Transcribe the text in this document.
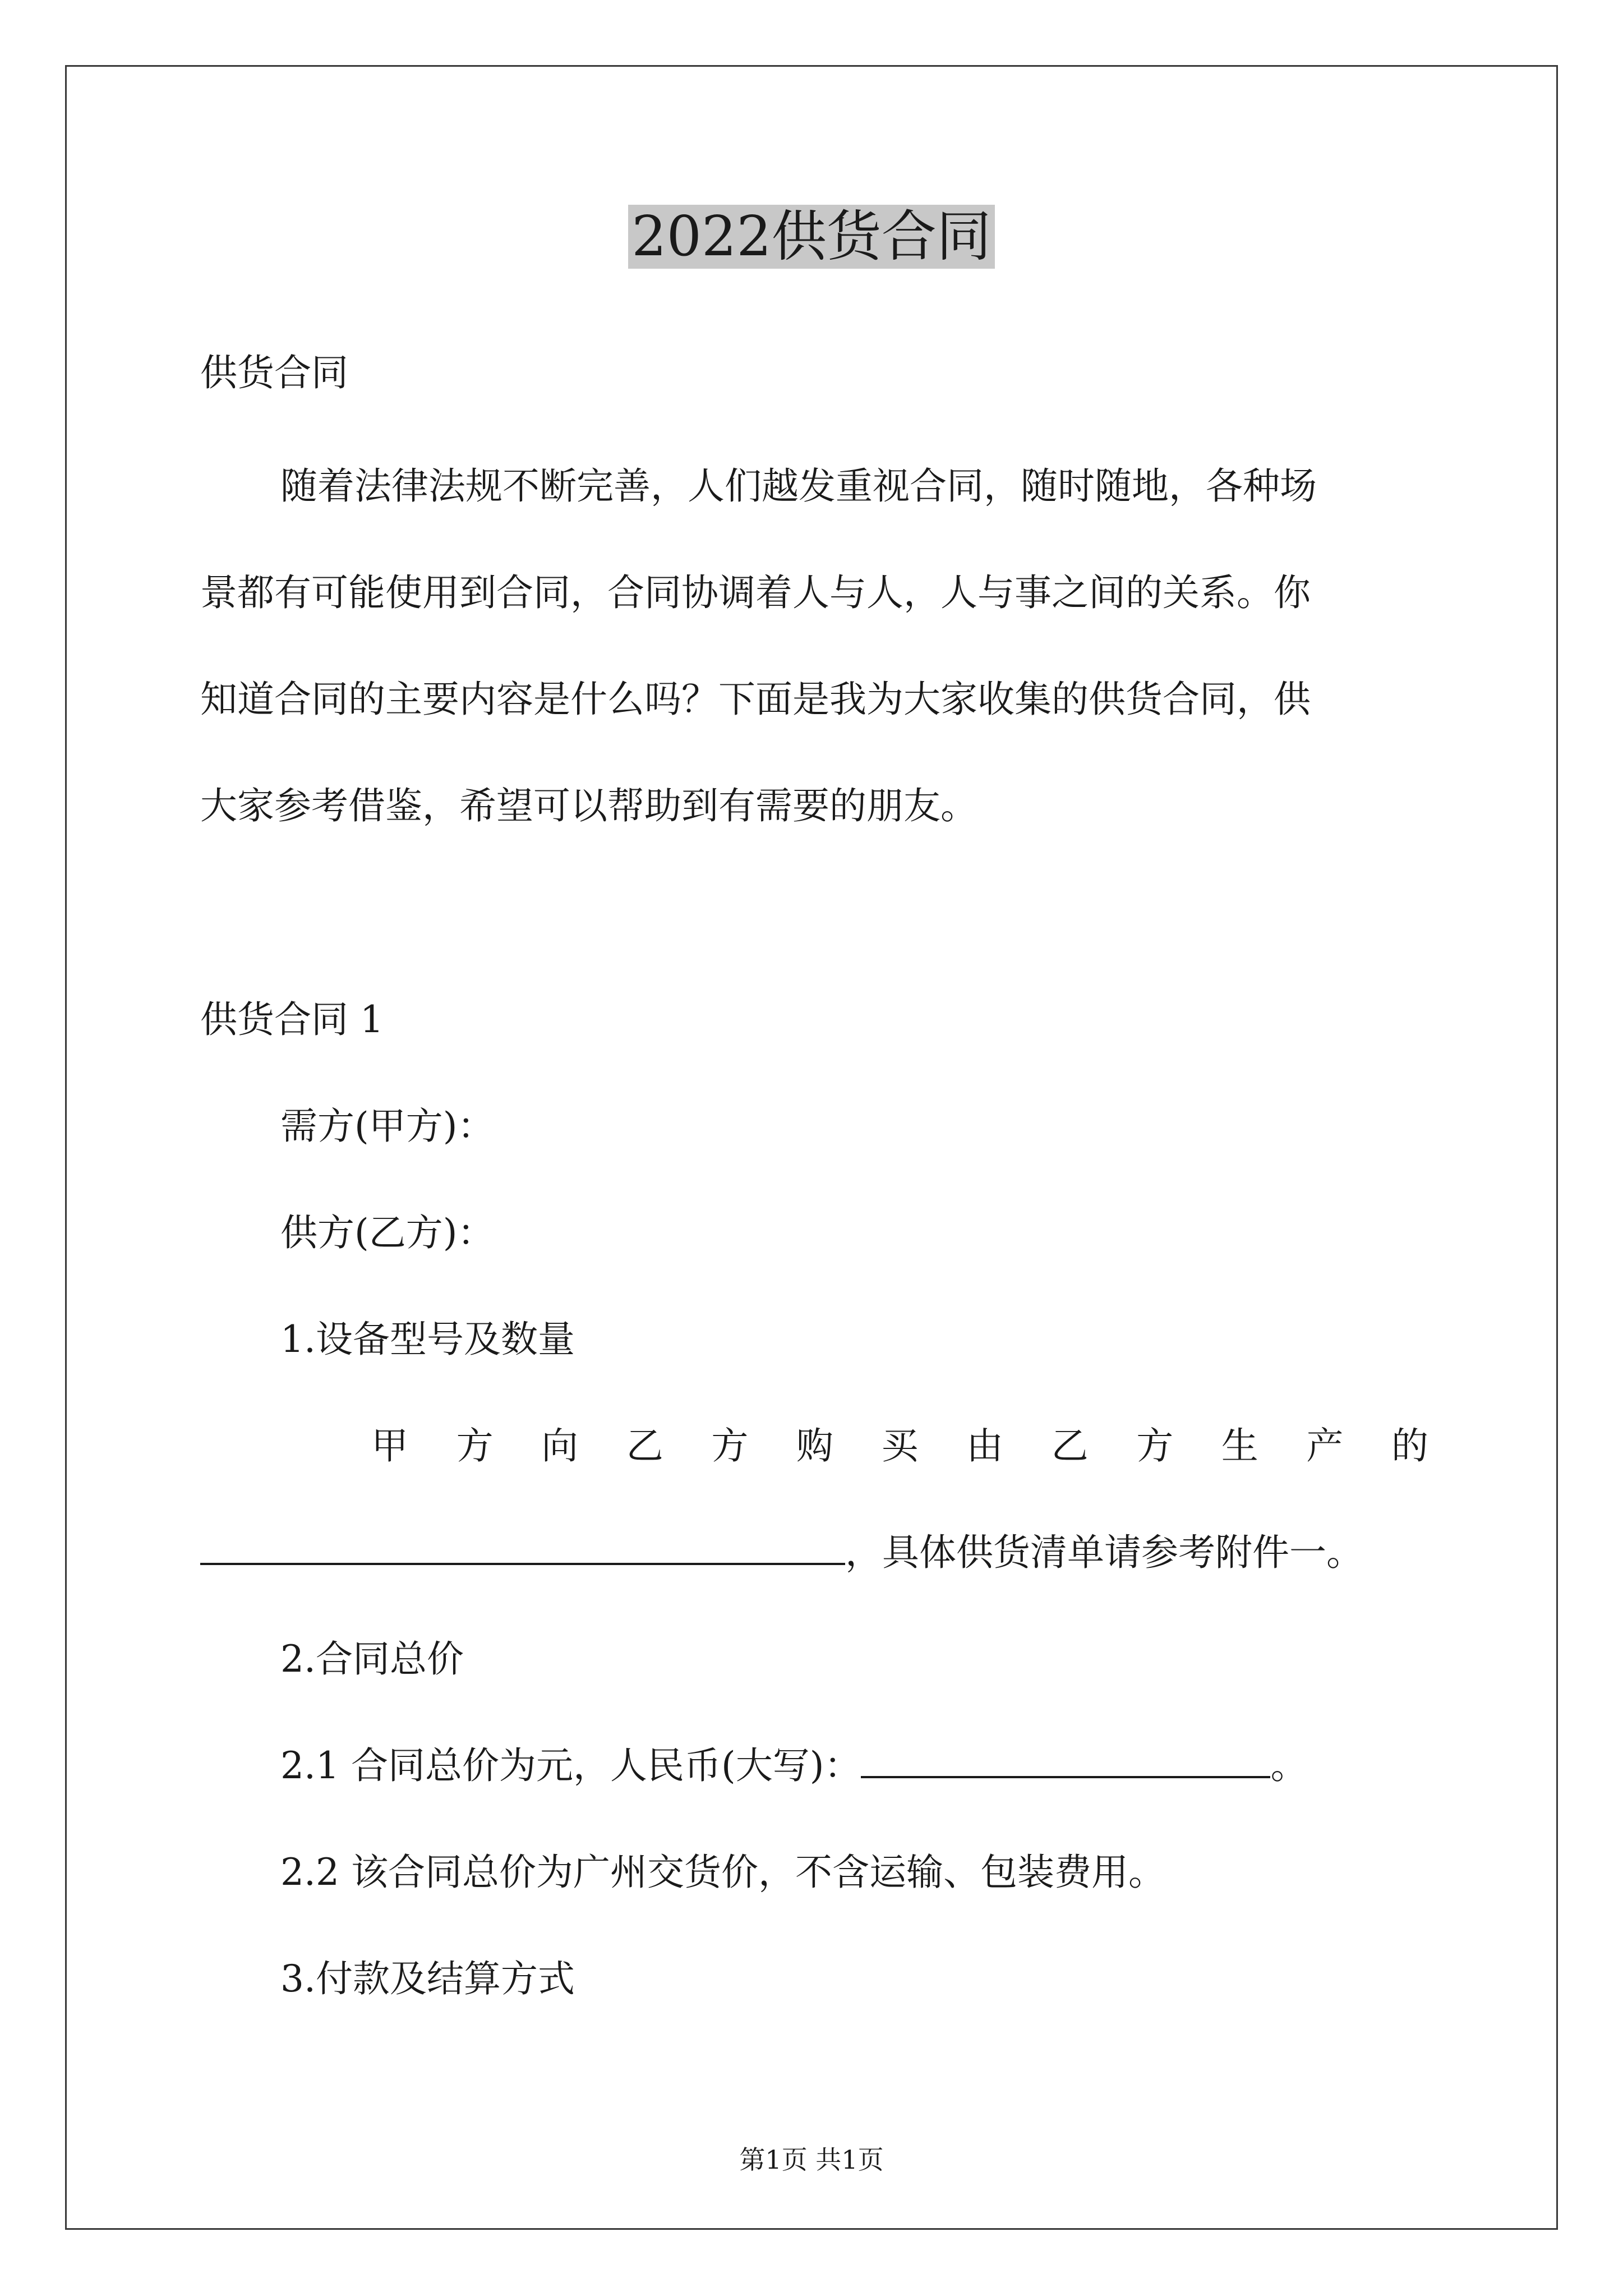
2022供货合同
供货合同
随着法律法规不断完善，人们越发重视合同，随时随地，各种场
景都有可能使用到合同，合同协调着人与人，人与事之间的关系。你
知道合同的主要内容是什么吗？下面是我为大家收集的供货合同，供
大家参考借鉴，希望可以帮助到有需要的朋友。
供货合同 1
需方(甲方)：
供方(乙方)：
1.设备型号及数量
甲 方 向 乙 方 购 买 由 乙 方 生 产 的
，具体供货清单请参考附件一。
2.合同总价
2.1 合同总价为元，人民币(大写)：	。
2.2 该合同总价为广州交货价，不含运输、包装费用。
3.付款及结算方式
第1页 共1页
